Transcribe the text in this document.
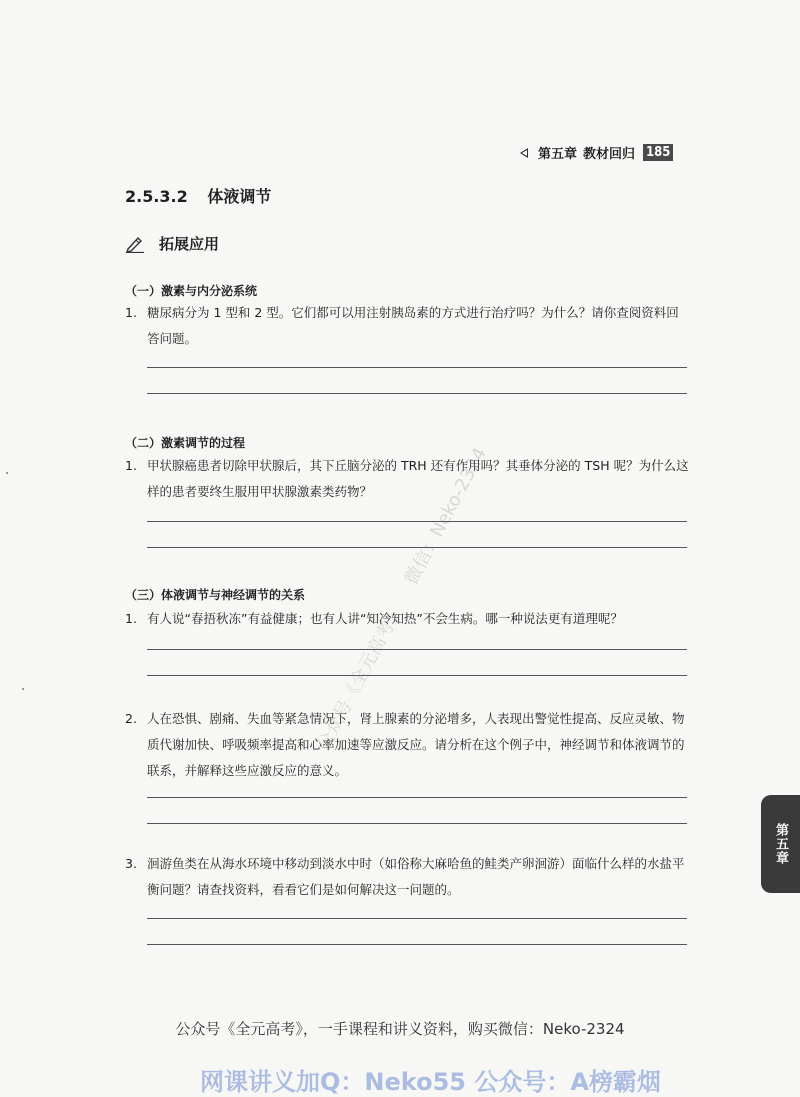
第五章 教材回归 185
2.5.3.2 体液调节
拓展应用
（一）激素与内分泌系统
1. 糖尿病分为 1 型和 2 型。它们都可以用注射胰岛素的方式进行治疗吗？为什么？请你查阅资料回答问题。
（二）激素调节的过程
1. 甲状腺癌患者切除甲状腺后，其下丘脑分泌的 TRH 还有作用吗？其垂体分泌的 TSH 呢？为什么这样的患者要终生服用甲状腺激素类药物？
（三）体液调节与神经调节的关系
1. 有人说“春捂秋冻”有益健康；也有人讲“知冷知热”不会生病。哪一种说法更有道理呢？
2. 人在恐惧、剧痛、失血等紧急情况下，肾上腺素的分泌增多，人表现出警觉性提高、反应灵敏、物质代谢加快、呼吸频率提高和心率加速等应激反应。请分析在这个例子中，神经调节和体液调节的联系，并解释这些应激反应的意义。
3. 洄游鱼类在从海水环境中移动到淡水中时（如俗称大麻哈鱼的鲑类产卵洄游）面临什么样的水盐平衡问题？请查找资料，看看它们是如何解决这一问题的。
第五章
公众号《全元高考》 微信：Neko-2324
公众号《全元高考》，一手课程和讲义资料，购买微信：Neko-2324
网课讲义加Q：Neko55 公众号：A榜霸烟
